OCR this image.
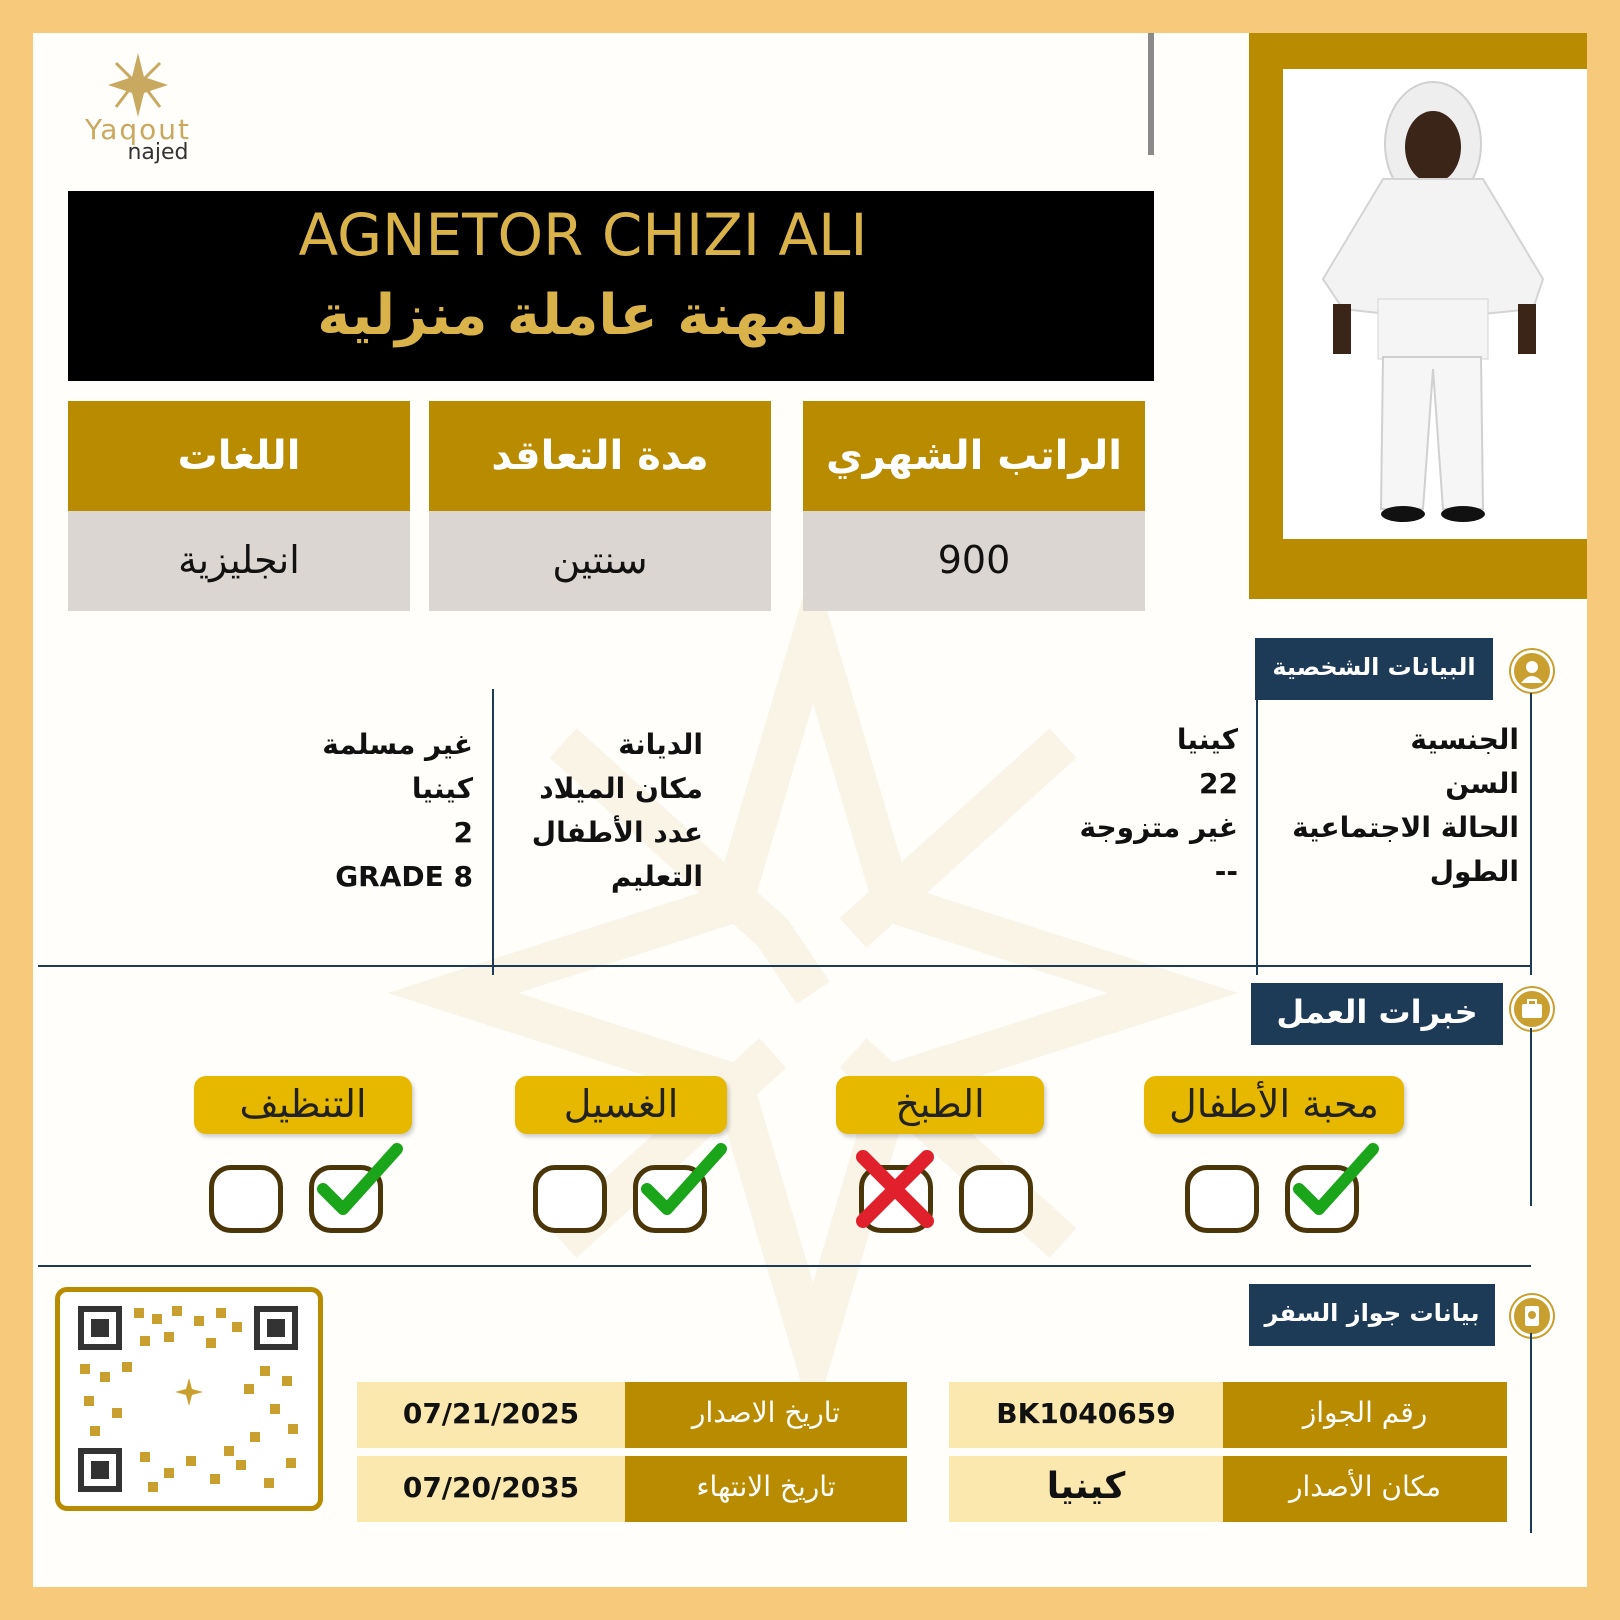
Yaqout
najed
AGNETOR CHIZI ALI
المهنة عاملة منزلية
الراتب الشهري
900
مدة التعاقد
سنتين
اللغات
انجليزية
البيانات الشخصية
الجنسية
السن
الحالة الاجتماعية
الطول
كينيا
22
غير متزوجة
--
الديانة
مكان الميلاد
عدد الأطفال
التعليم
غير مسلمة
كينيا
2
GRADE 8
خبرات العمل
محبة الأطفال
الطبخ
الغسيل
التنظيف
بيانات جواز السفر
رقم الجواز
BK1040659
مكان الأصدار
كينيا
تاريخ الاصدار
07/21/2025
تاريخ الانتهاء
07/20/2035
